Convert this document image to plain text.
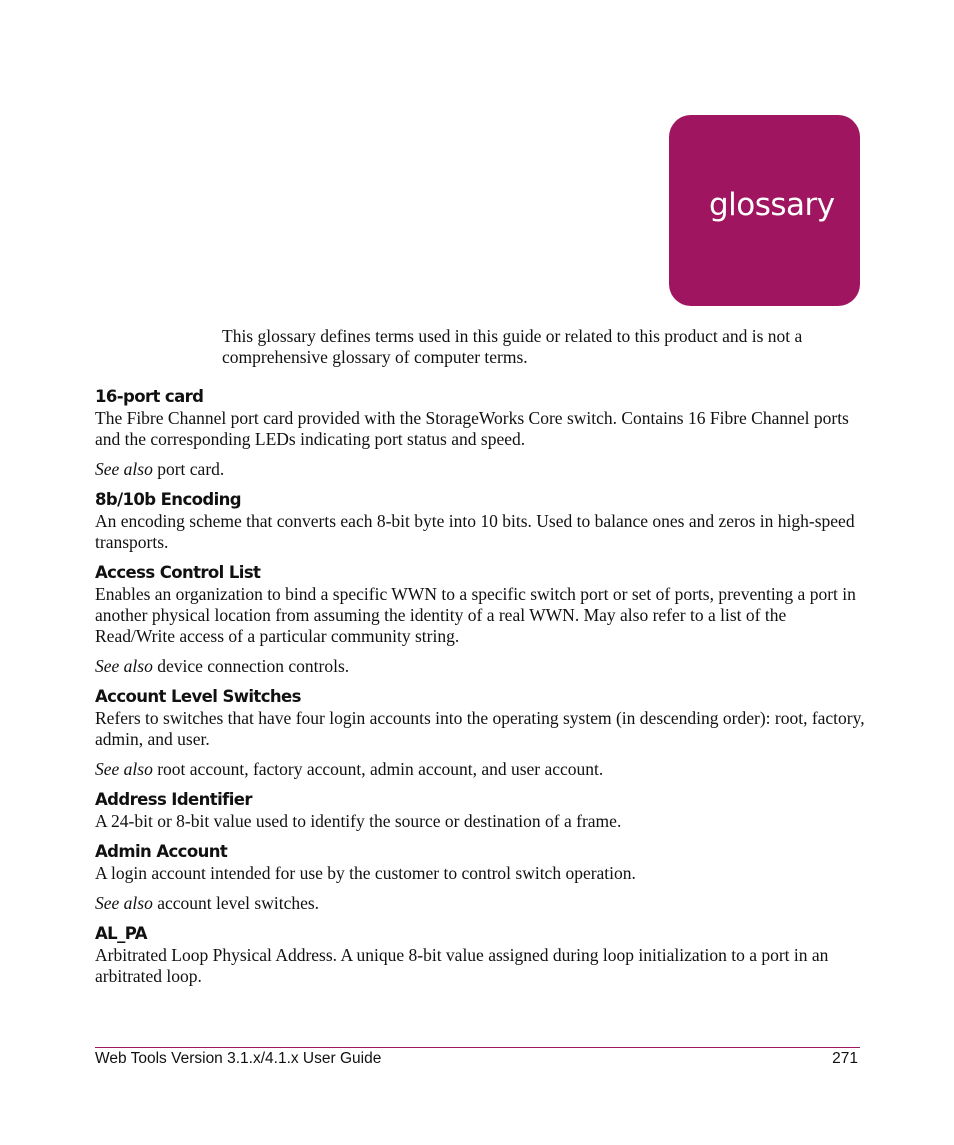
glossary

This glossary defines terms used in this guide or related to this product and is not a comprehensive glossary of computer terms.

16-port card

The Fibre Channel port card provided with the StorageWorks Core switch. Contains 16 Fibre Channel ports and the corresponding LEDs indicating port status and speed.

See also port card.

8b/10b Encoding

An encoding scheme that converts each 8-bit byte into 10 bits. Used to balance ones and zeros in high-speed transports.

Access Control List

Enables an organization to bind a specific WWN to a specific switch port or set of ports, preventing a port in another physical location from assuming the identity of a real WWN. May also refer to a list of the Read/Write access of a particular community string.

See also device connection controls.

Account Level Switches

Refers to switches that have four login accounts into the operating system (in descending order): root, factory, admin, and user.

See also root account, factory account, admin account, and user account.

Address Identifier

A 24-bit or 8-bit value used to identify the source or destination of a frame.

Admin Account

A login account intended for use by the customer to control switch operation.

See also account level switches.

AL_PA

Arbitrated Loop Physical Address. A unique 8-bit value assigned during loop initialization to a port in an arbitrated loop.

Web Tools Version 3.1.x/4.1.x User Guide	271
